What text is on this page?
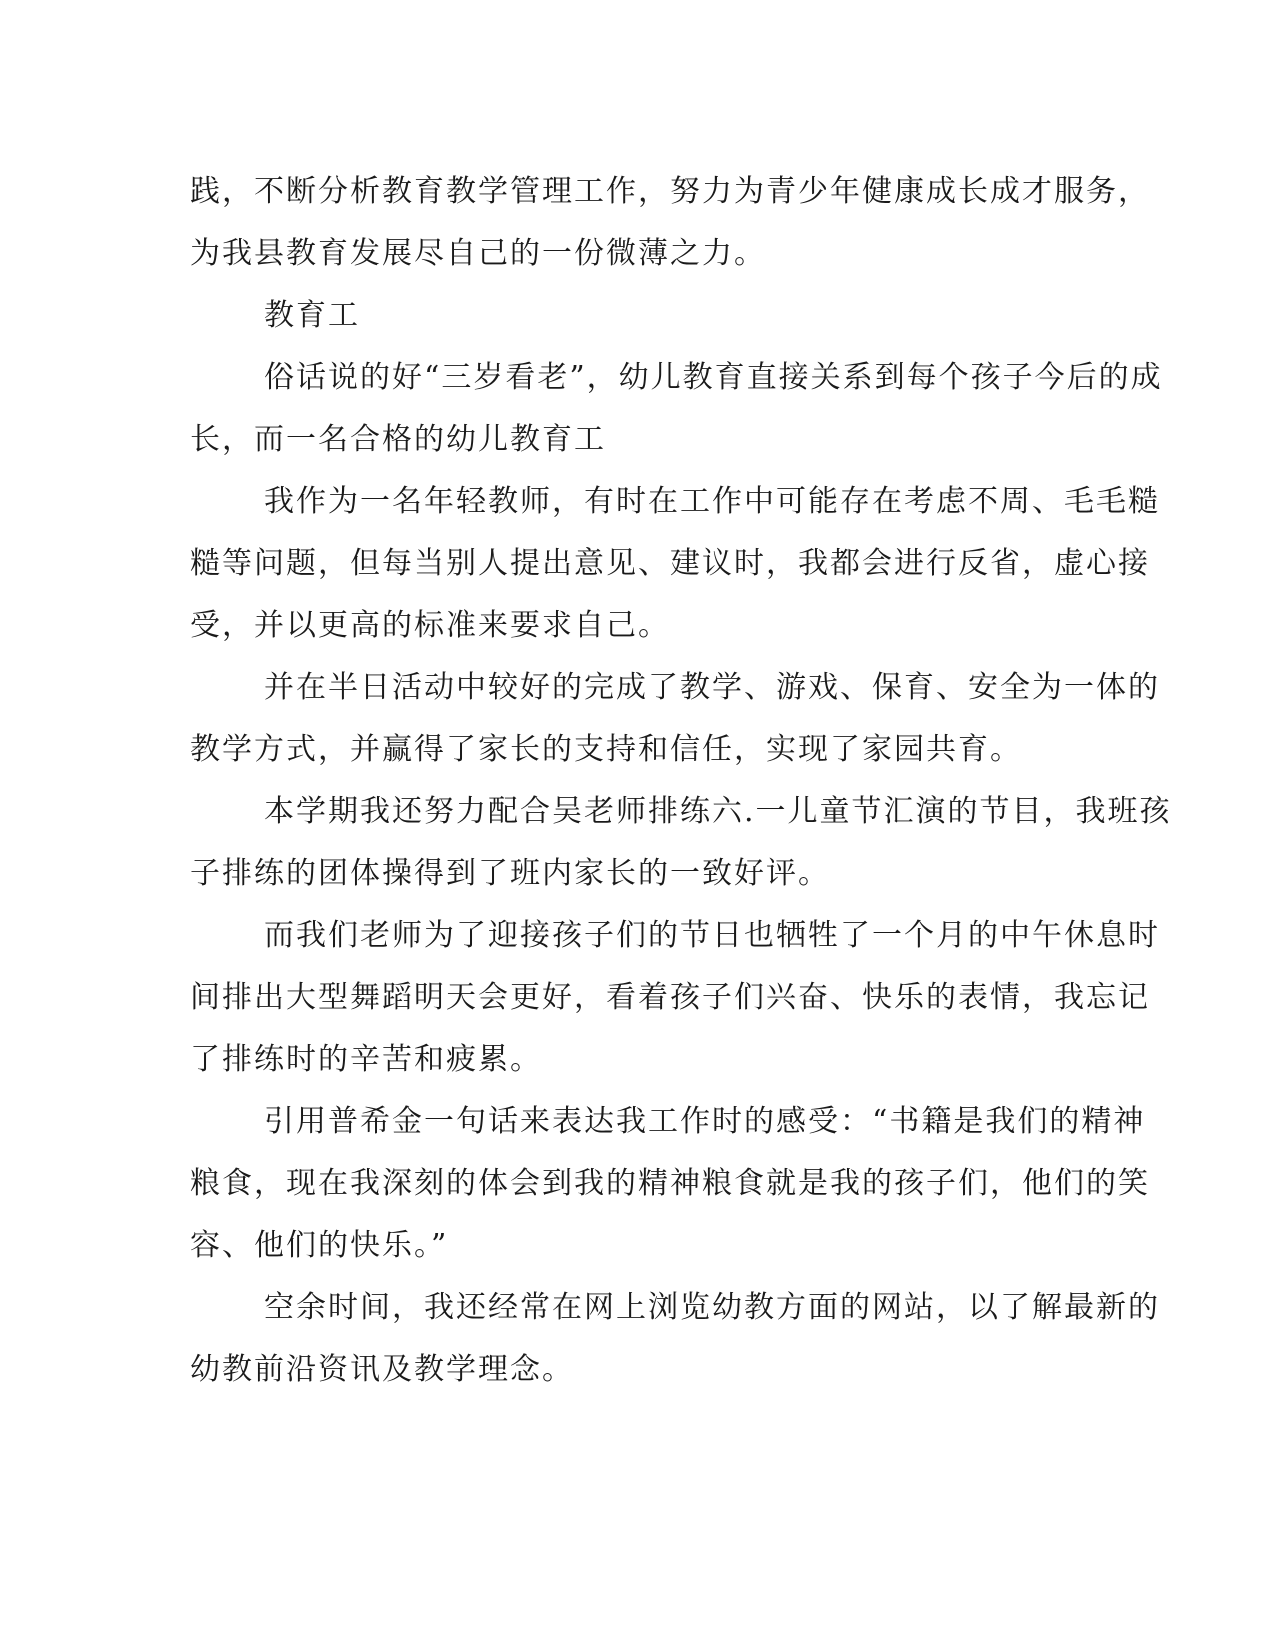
践，不断分析教育教学管理工作，努力为青少年健康成长成才服务，
为我县教育发展尽自己的一份微薄之力。
教育工
俗话说的好“三岁看老”，幼儿教育直接关系到每个孩子今后的成
长，而一名合格的幼儿教育工
我作为一名年轻教师，有时在工作中可能存在考虑不周、毛毛糙
糙等问题，但每当别人提出意见、建议时，我都会进行反省，虚心接
受，并以更高的标准来要求自己。
并在半日活动中较好的完成了教学、游戏、保育、安全为一体的
教学方式，并赢得了家长的支持和信任，实现了家园共育。
本学期我还努力配合吴老师排练六.一儿童节汇演的节目，我班孩
子排练的团体操得到了班内家长的一致好评。
而我们老师为了迎接孩子们的节日也牺牲了一个月的中午休息时
间排出大型舞蹈明天会更好，看着孩子们兴奋、快乐的表情，我忘记
了排练时的辛苦和疲累。
引用普希金一句话来表达我工作时的感受：“书籍是我们的精神
粮食，现在我深刻的体会到我的精神粮食就是我的孩子们，他们的笑
容、他们的快乐。”
空余时间，我还经常在网上浏览幼教方面的网站，以了解最新的
幼教前沿资讯及教学理念。
